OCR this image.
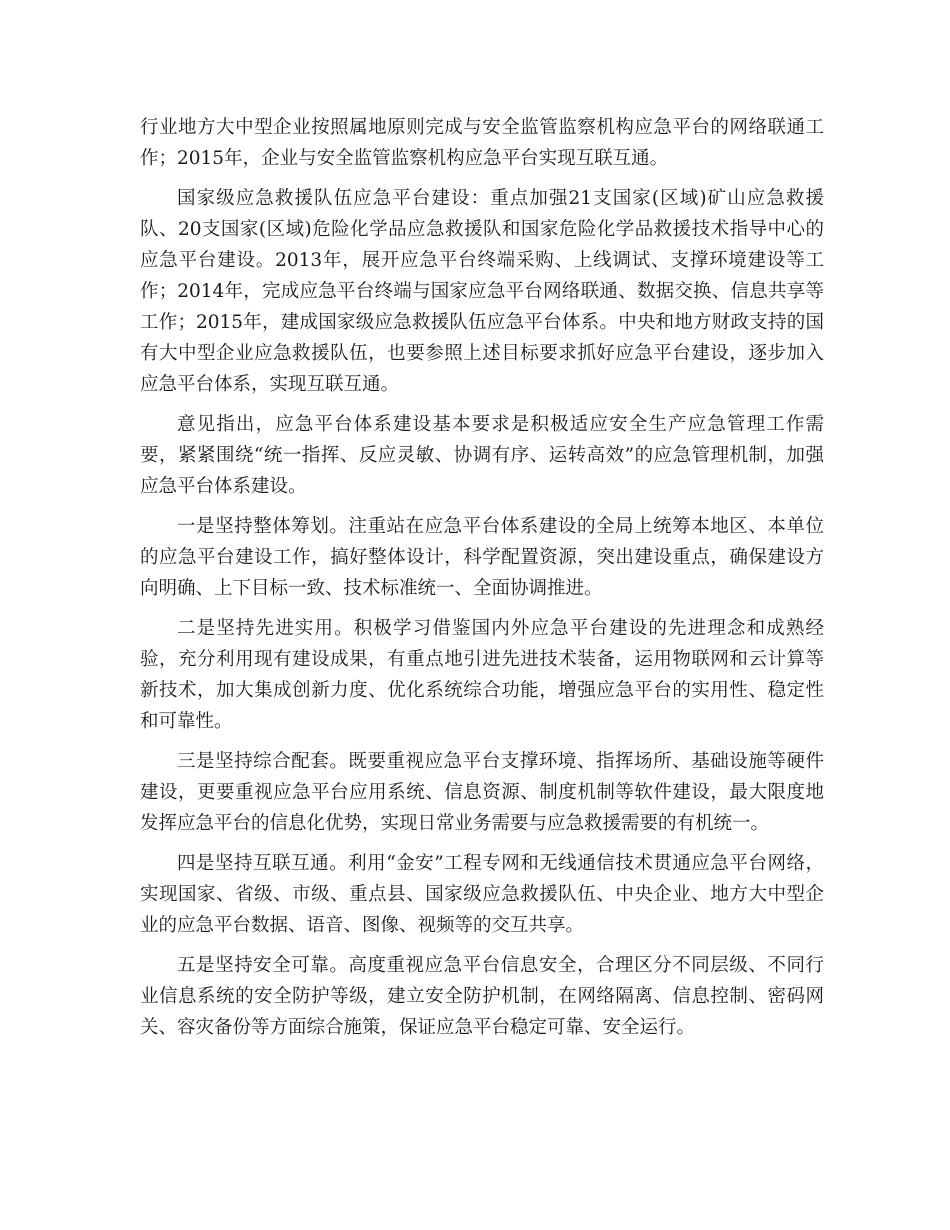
行业地方大中型企业按照属地原则完成与安全监管监察机构应急平台的网络联通工作；2015年，企业与安全监管监察机构应急平台实现互联互通。

国家级应急救援队伍应急平台建设：重点加强21支国家(区域)矿山应急救援队、20支国家(区域)危险化学品应急救援队和国家危险化学品救援技术指导中心的应急平台建设。2013年，展开应急平台终端采购、上线调试、支撑环境建设等工作；2014年，完成应急平台终端与国家应急平台网络联通、数据交换、信息共享等工作；2015年，建成国家级应急救援队伍应急平台体系。中央和地方财政支持的国有大中型企业应急救援队伍，也要参照上述目标要求抓好应急平台建设，逐步加入应急平台体系，实现互联互通。

意见指出，应急平台体系建设基本要求是积极适应安全生产应急管理工作需要，紧紧围绕“统一指挥、反应灵敏、协调有序、运转高效”的应急管理机制，加强应急平台体系建设。

一是坚持整体筹划。注重站在应急平台体系建设的全局上统筹本地区、本单位的应急平台建设工作，搞好整体设计，科学配置资源，突出建设重点，确保建设方向明确、上下目标一致、技术标准统一、全面协调推进。

二是坚持先进实用。积极学习借鉴国内外应急平台建设的先进理念和成熟经验，充分利用现有建设成果，有重点地引进先进技术装备，运用物联网和云计算等新技术，加大集成创新力度、优化系统综合功能，增强应急平台的实用性、稳定性和可靠性。

三是坚持综合配套。既要重视应急平台支撑环境、指挥场所、基础设施等硬件建设，更要重视应急平台应用系统、信息资源、制度机制等软件建设，最大限度地发挥应急平台的信息化优势，实现日常业务需要与应急救援需要的有机统一。

四是坚持互联互通。利用“金安”工程专网和无线通信技术贯通应急平台网络，实现国家、省级、市级、重点县、国家级应急救援队伍、中央企业、地方大中型企业的应急平台数据、语音、图像、视频等的交互共享。

五是坚持安全可靠。高度重视应急平台信息安全，合理区分不同层级、不同行业信息系统的安全防护等级，建立安全防护机制，在网络隔离、信息控制、密码网关、容灾备份等方面综合施策，保证应急平台稳定可靠、安全运行。
